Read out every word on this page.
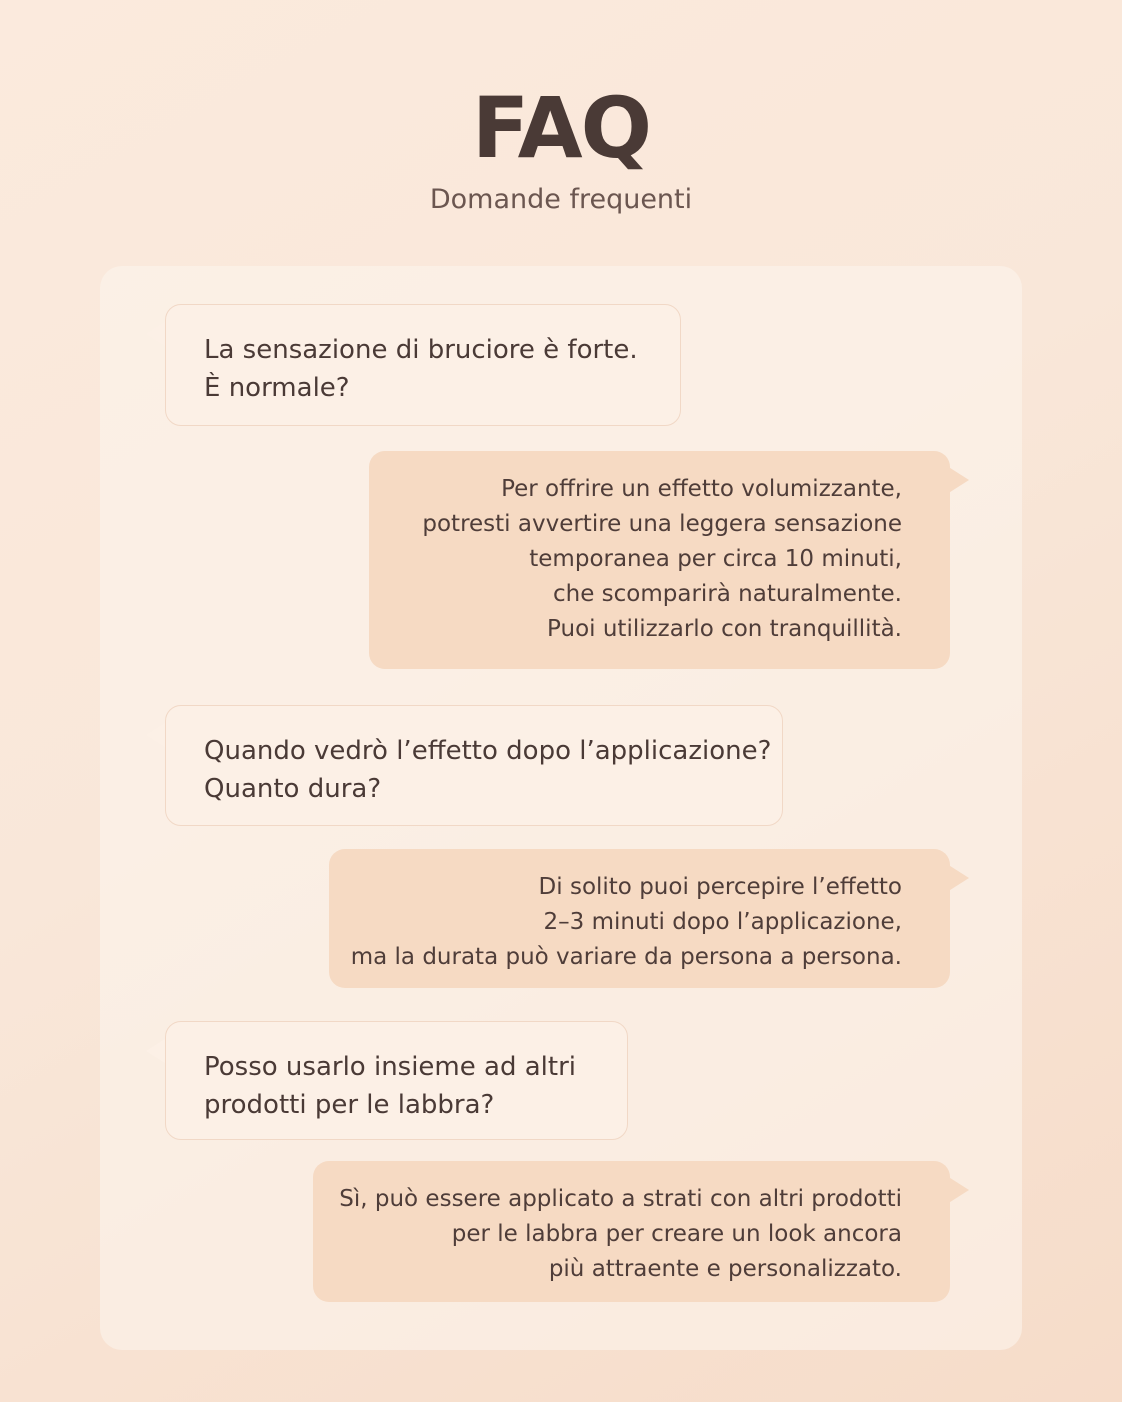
FAQ
Domande frequenti
La sensazione di bruciore è forte.
È normale?
Per offrire un effetto volumizzante,
potresti avvertire una leggera sensazione
temporanea per circa 10 minuti,
che scomparirà naturalmente.
Puoi utilizzarlo con tranquillità.
Quando vedrò l’effetto dopo l’applicazione?
Quanto dura?
Di solito puoi percepire l’effetto
2–3 minuti dopo l’applicazione,
ma la durata può variare da persona a persona.
Posso usarlo insieme ad altri
prodotti per le labbra?
Sì, può essere applicato a strati con altri prodotti
per le labbra per creare un look ancora
più attraente e personalizzato.
